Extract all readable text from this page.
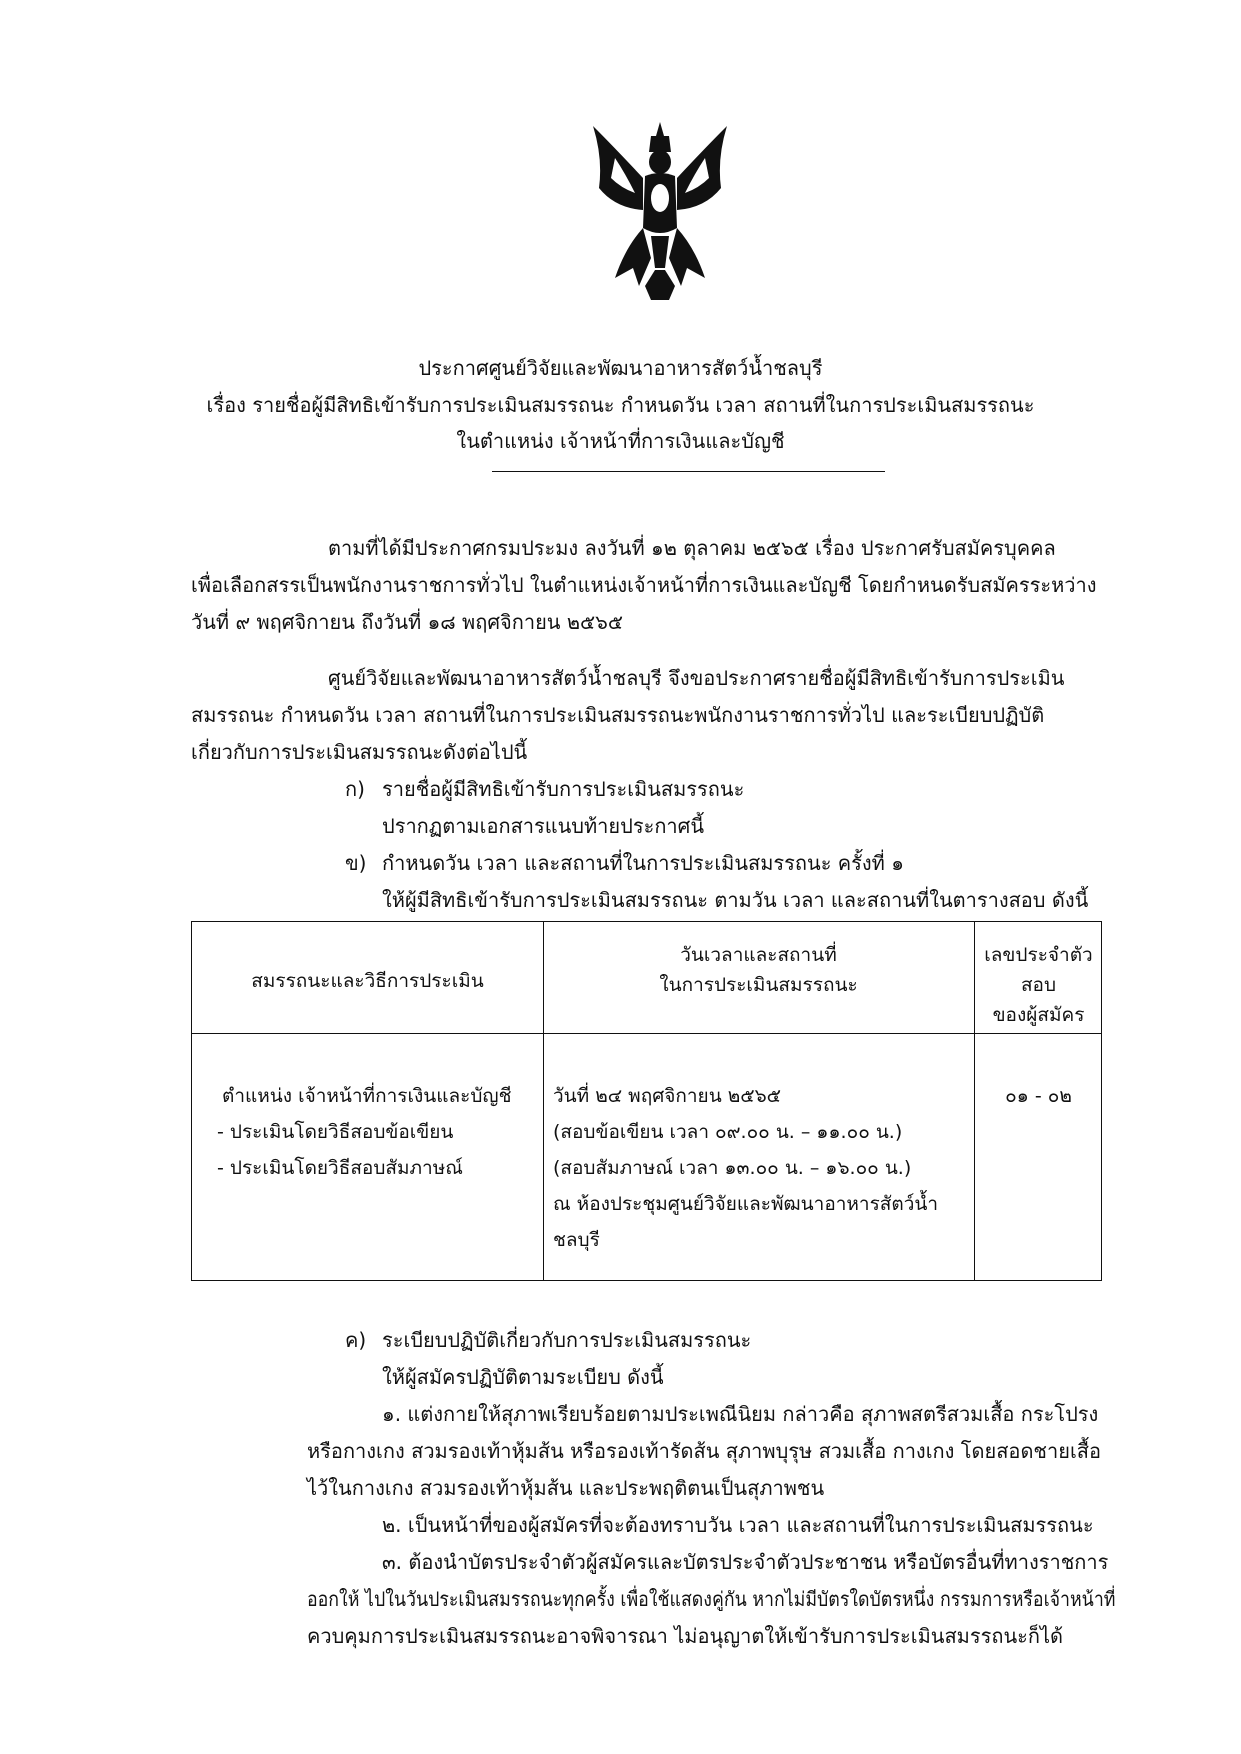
ประกาศศูนย์วิจัยและพัฒนาอาหารสัตว์น้ำชลบุรี
เรื่อง รายชื่อผู้มีสิทธิเข้ารับการประเมินสมรรถนะ กำหนดวัน เวลา สถานที่ในการประเมินสมรรถนะ
ในตำแหน่ง เจ้าหน้าที่การเงินและบัญชี
ตามที่ได้มีประกาศกรมประมง ลงวันที่ ๑๒ ตุลาคม ๒๕๖๕ เรื่อง ประกาศรับสมัครบุคคล
เพื่อเลือกสรรเป็นพนักงานราชการทั่วไป ในตำแหน่งเจ้าหน้าที่การเงินและบัญชี โดยกำหนดรับสมัครระหว่าง
วันที่ ๙ พฤศจิกายน ถึงวันที่ ๑๘ พฤศจิกายน ๒๕๖๕
ศูนย์วิจัยและพัฒนาอาหารสัตว์น้ำชลบุรี จึงขอประกาศรายชื่อผู้มีสิทธิเข้ารับการประเมิน
สมรรถนะ กำหนดวัน เวลา สถานที่ในการประเมินสมรรถนะพนักงานราชการทั่วไป และระเบียบปฏิบัติ
เกี่ยวกับการประเมินสมรรถนะดังต่อไปนี้
ก) รายชื่อผู้มีสิทธิเข้ารับการประเมินสมรรถนะ
ปรากฏตามเอกสารแนบท้ายประกาศนี้
ข) กำหนดวัน เวลา และสถานที่ในการประเมินสมรรถนะ ครั้งที่ ๑
ให้ผู้มีสิทธิเข้ารับการประเมินสมรรถนะ ตามวัน เวลา และสถานที่ในตารางสอบ ดังนี้
สมรรถนะและวิธีการประเมิน
วันเวลาและสถานที่
ในการประเมินสมรรถนะ
เลขประจำตัว
สอบ
ของผู้สมัคร
ตำแหน่ง เจ้าหน้าที่การเงินและบัญชี
- ประเมินโดยวิธีสอบข้อเขียน
- ประเมินโดยวิธีสอบสัมภาษณ์
วันที่ ๒๔ พฤศจิกายน ๒๕๖๕
(สอบข้อเขียน เวลา ๐๙.๐๐ น. – ๑๑.๐๐ น.)
(สอบสัมภาษณ์ เวลา ๑๓.๐๐ น. – ๑๖.๐๐ น.)
ณ ห้องประชุมศูนย์วิจัยและพัฒนาอาหารสัตว์น้ำ
ชลบุรี
๐๑ - ๐๒
ค) ระเบียบปฏิบัติเกี่ยวกับการประเมินสมรรถนะ
ให้ผู้สมัครปฏิบัติตามระเบียบ ดังนี้
๑. แต่งกายให้สุภาพเรียบร้อยตามประเพณีนิยม กล่าวคือ สุภาพสตรีสวมเสื้อ กระโปรง
หรือกางเกง สวมรองเท้าหุ้มส้น หรือรองเท้ารัดส้น สุภาพบุรุษ สวมเสื้อ กางเกง โดยสอดชายเสื้อ
ไว้ในกางเกง สวมรองเท้าหุ้มส้น และประพฤติตนเป็นสุภาพชน
๒. เป็นหน้าที่ของผู้สมัครที่จะต้องทราบวัน เวลา และสถานที่ในการประเมินสมรรถนะ
๓. ต้องนำบัตรประจำตัวผู้สมัครและบัตรประจำตัวประชาชน หรือบัตรอื่นที่ทางราชการ
ออกให้ ไปในวันประเมินสมรรถนะทุกครั้ง เพื่อใช้แสดงคู่กัน หากไม่มีบัตรใดบัตรหนึ่ง กรรมการหรือเจ้าหน้าที่
ควบคุมการประเมินสมรรถนะอาจพิจารณา ไม่อนุญาตให้เข้ารับการประเมินสมรรถนะก็ได้
